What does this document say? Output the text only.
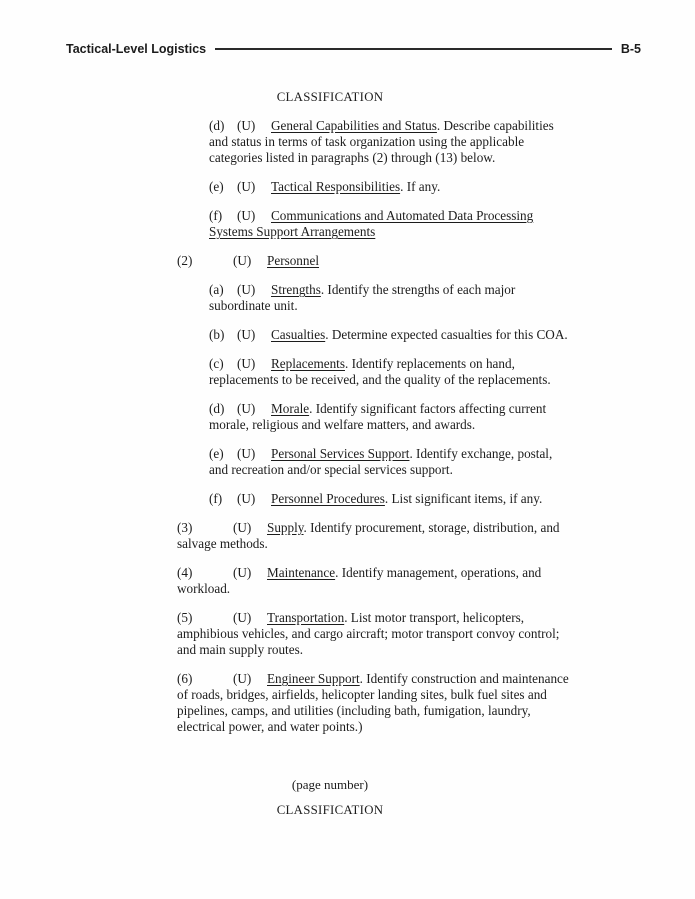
Tactical-Level Logistics	B-5
CLASSIFICATION

(d) (U) General Capabilities and Status. Describe capabilities and status in terms of task organization using the applicable categories listed in paragraphs (2) through (13) below.

(e) (U) Tactical Responsibilities. If any.

(f) (U) Communications and Automated Data Processing Systems Support Arrangements

(2)	(U) Personnel

(a) (U) Strengths. Identify the strengths of each major subordinate unit.

(b) (U) Casualties. Determine expected casualties for this COA.

(c) (U) Replacements. Identify replacements on hand, replacements to be received, and the quality of the replacements.

(d) (U) Morale. Identify significant factors affecting current morale, religious and welfare matters, and awards.

(e) (U) Personal Services Support. Identify exchange, postal, and recreation and/or special services support.

(f) (U) Personnel Procedures. List significant items, if any.

(3)	(U) Supply. Identify procurement, storage, distribution, and salvage methods.

(4)	(U) Maintenance. Identify management, operations, and workload.

(5)	(U) Transportation. List motor transport, helicopters, amphibious vehicles, and cargo aircraft; motor transport convoy control; and main supply routes.

(6)	(U) Engineer Support. Identify construction and maintenance of roads, bridges, airfields, helicopter landing sites, bulk fuel sites and pipelines, camps, and utilities (including bath, fumigation, laundry, electrical power, and water points.)

(page number)
CLASSIFICATION
